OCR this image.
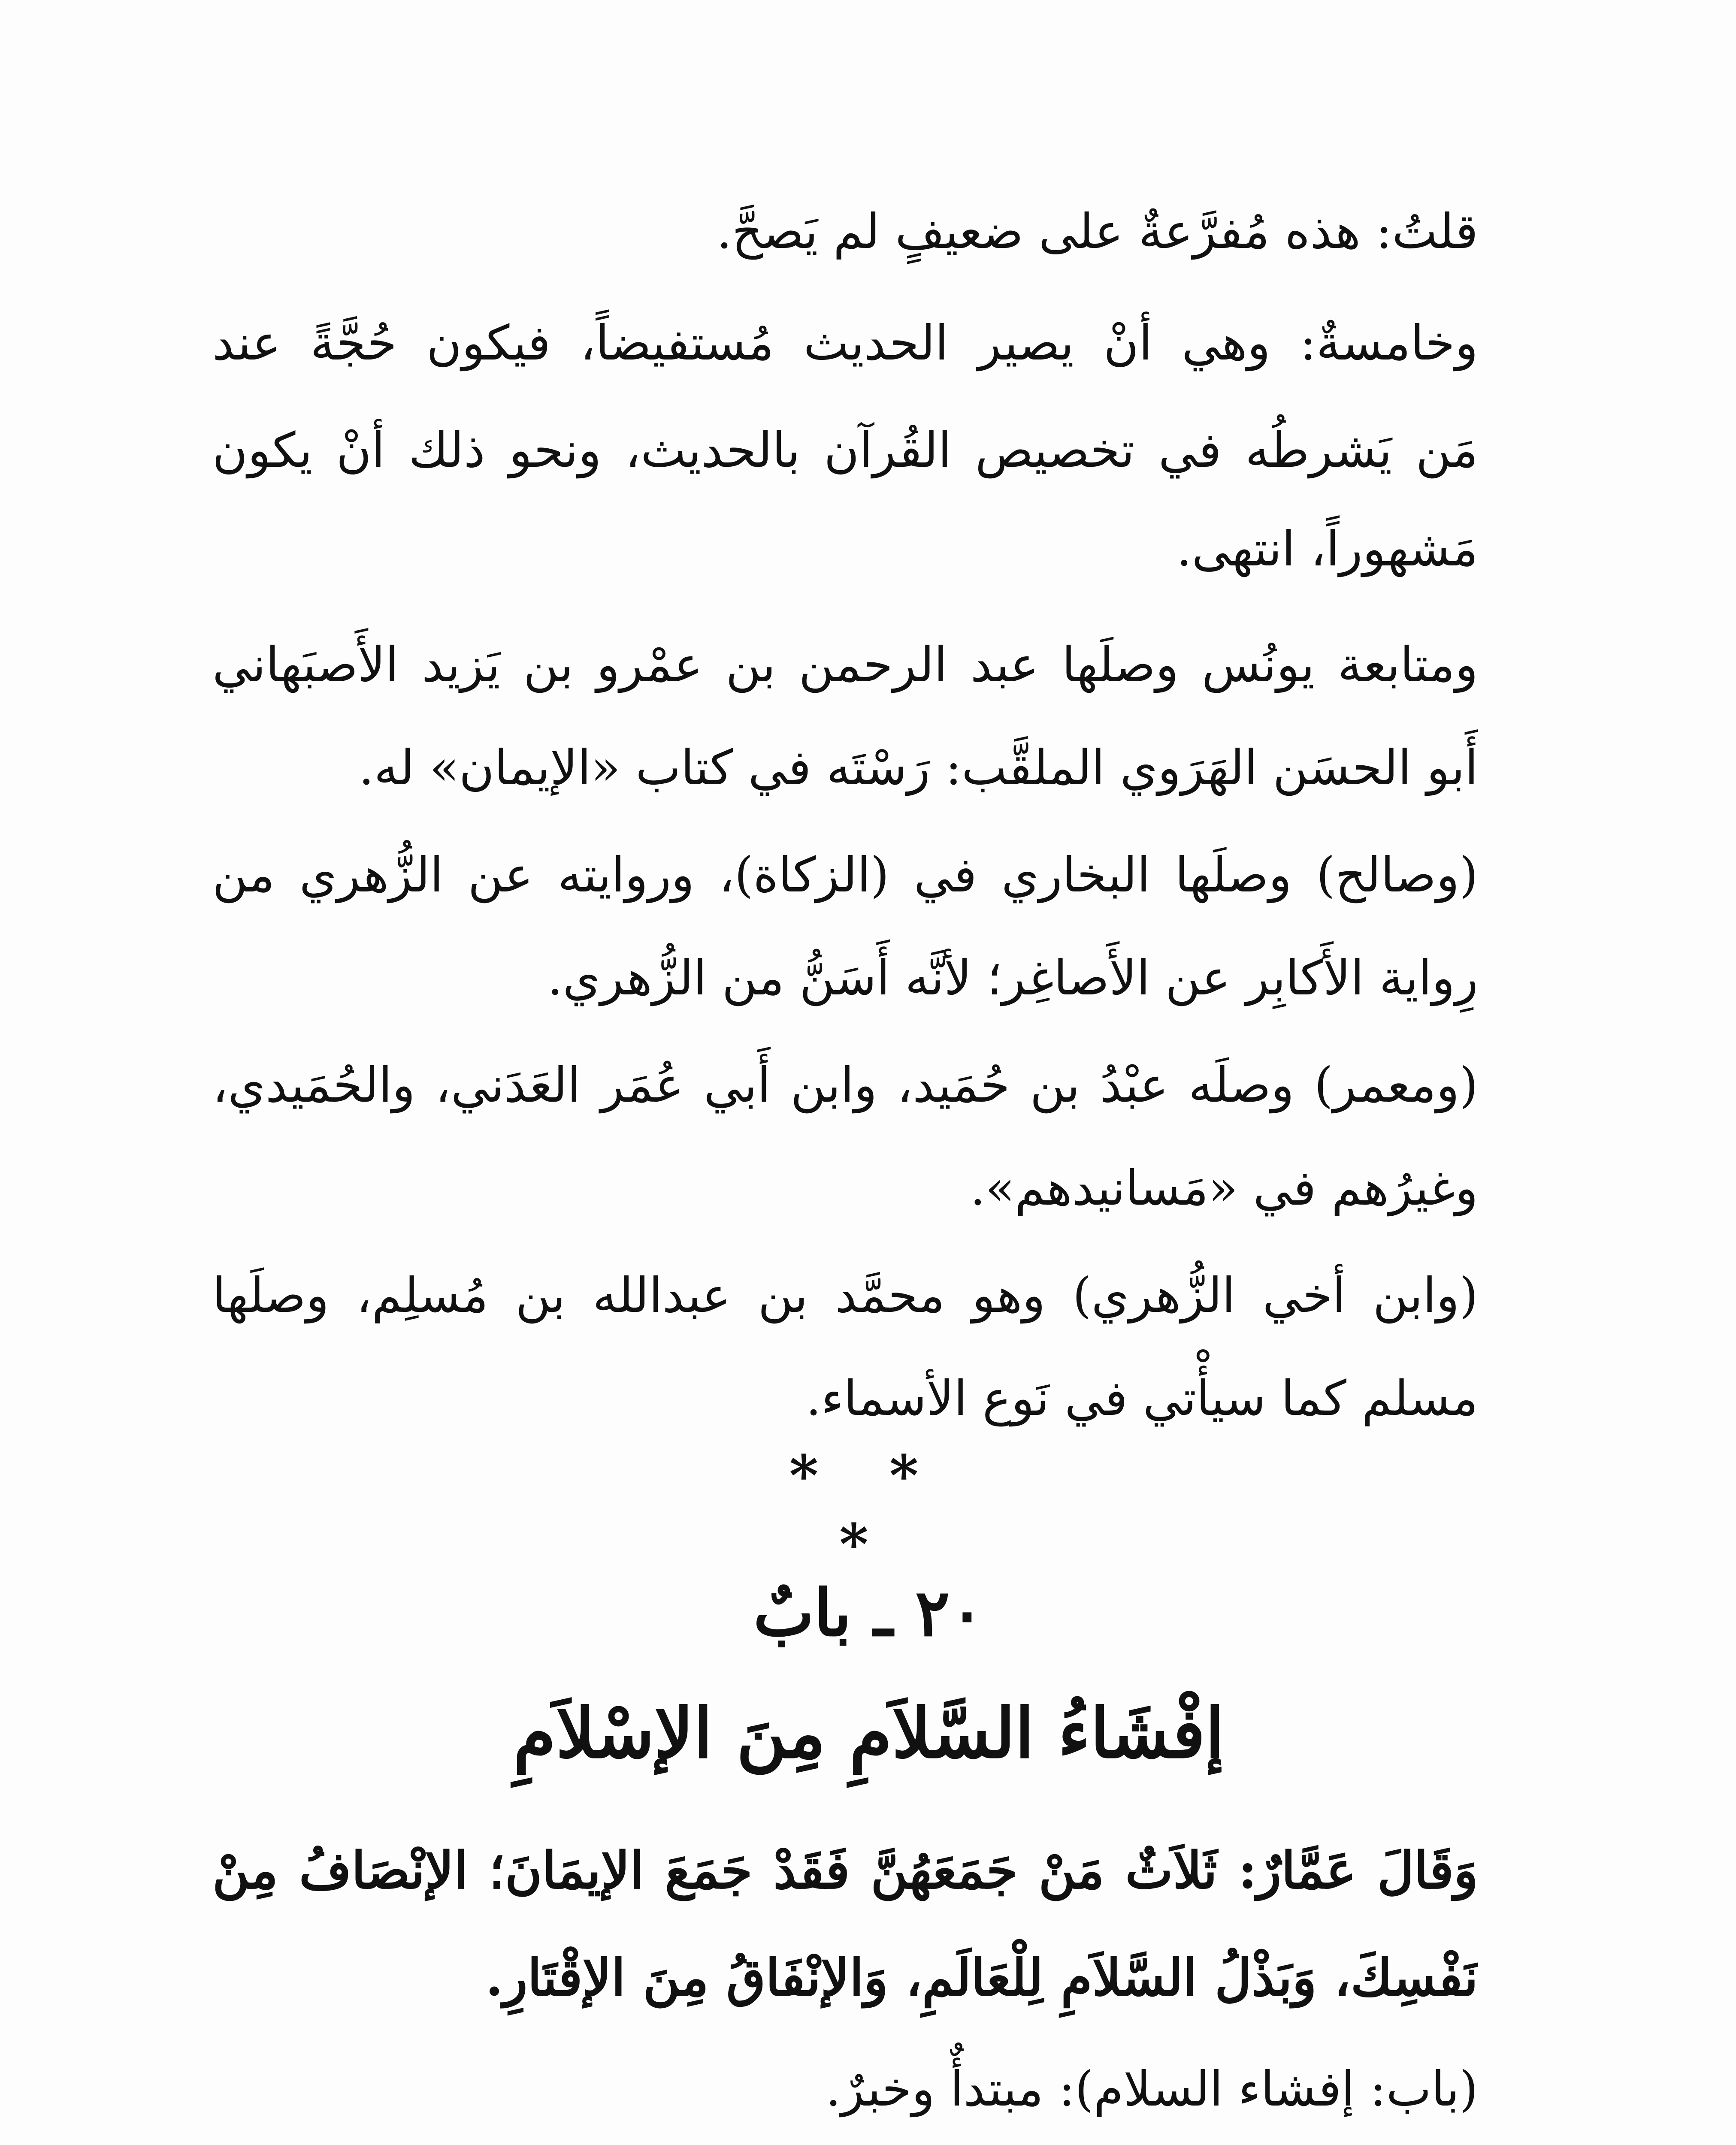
قلتُ: هذه مُفرَّعةٌ على ضعيفٍ لم يَصحَّ.
وخامسةٌ: وهي أنْ يصير الحديث مُستفيضاً، فيكون حُجَّةً عند
مَن يَشرطُه في تخصيص القُرآن بالحديث، ونحو ذلك أنْ يكون
مَشهوراً، انتهى.
ومتابعة يونُس وصلَها عبد الرحمن بن عمْرو بن يَزيد الأَصبَهاني
أَبو الحسَن الهَرَوي الملقَّب: رَسْتَه في كتاب «الإيمان» له.
(وصالح) وصلَها البخاري في (الزكاة)، وروايته عن الزُّهري من
رِواية الأَكابِر عن الأَصاغِر؛ لأنَّه أَسَنُّ من الزُّهري.
(ومعمر) وصلَه عبْدُ بن حُمَيد، وابن أَبي عُمَر العَدَني، والحُمَيدي،
وغيرُهم في «مَسانيدهم».
(وابن أخي الزُّهري) وهو محمَّد بن عبدالله بن مُسلِم، وصلَها
مسلم كما سيأْتي في نَوع الأسماء.
* * *
٢٠ ـ بابٌ
إفْشَاءُ السَّلاَمِ مِنَ الإسْلاَمِ
وَقَالَ عَمَّارٌ: ثَلاَثٌ مَنْ جَمَعَهُنَّ فَقَدْ جَمَعَ الإيمَانَ؛ الإنْصَافُ مِنْ
نَفْسِكَ، وَبَذْلُ السَّلاَمِ لِلْعَالَمِ، وَالإنْفَاقُ مِنَ الإقْتَارِ.
(باب: إفشاء السلام): مبتدأٌ وخبرٌ.
